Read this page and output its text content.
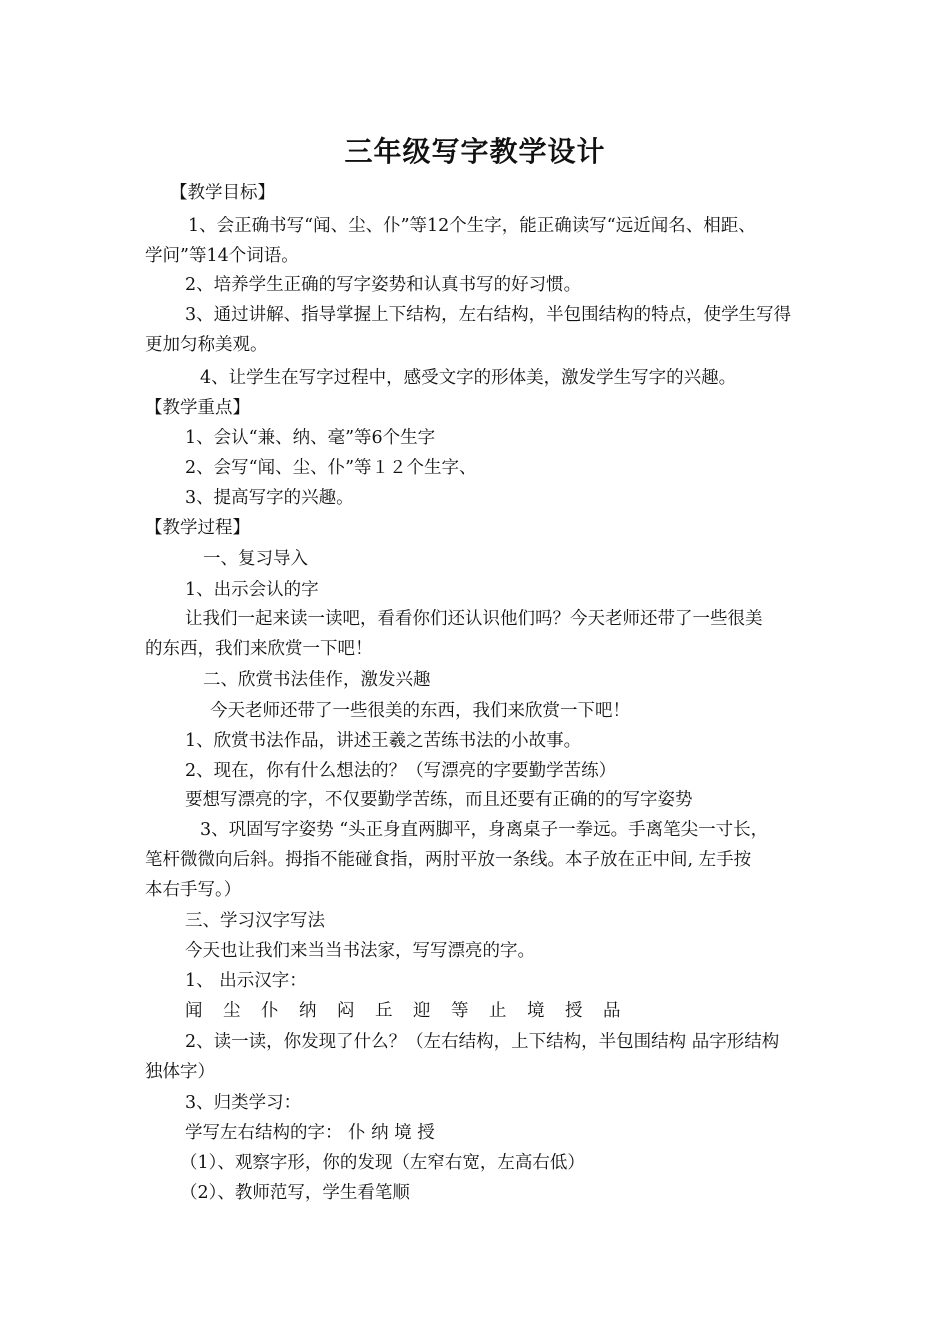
三年级写字教学设计
【教学目标】
1、会正确书写“闻、尘、仆”等12个生字，能正确读写“远近闻名、相距、
学问”等14个词语。
2、培养学生正确的写字姿势和认真书写的好习惯。
3、通过讲解、指导掌握上下结构，左右结构，半包围结构的特点，使学生写得
更加匀称美观。
4、让学生在写字过程中，感受文字的形体美，激发学生写字的兴趣。
【教学重点】
1、会认“兼、纳、毫”等6个生字
2、会写“闻、尘、仆”等１２个生字、
3、提高写字的兴趣。
【教学过程】
一、复习导入
1、出示会认的字
让我们一起来读一读吧，看看你们还认识他们吗？今天老师还带了一些很美
的东西，我们来欣赏一下吧！
二、欣赏书法佳作，激发兴趣
今天老师还带了一些很美的东西，我们来欣赏一下吧！
1、欣赏书法作品，讲述王羲之苦练书法的小故事。
2、现在，你有什么想法的？（写漂亮的字要勤学苦练）
要想写漂亮的字，不仅要勤学苦练，而且还要有正确的的写字姿势
3、巩固写字姿势 “头正身直两脚平，身离桌子一拳远。手离笔尖一寸长，
笔杆微微向后斜。拇指不能碰食指，两肘平放一条线。本子放在正中间, 左手按
本右手写。）
三、学习汉字写法
今天也让我们来当当书法家，写写漂亮的字。
1、 出示汉字：
闻 尘 仆 纳 闷 丘 迎 等 止 境 授 品
2、读一读，你发现了什么？（左右结构，上下结构，半包围结构 品字形结构
独体字）
3、归类学习：
学写左右结构的字： 仆 纳 境 授
（1）、观察字形，你的发现（左窄右宽，左高右低）
（2）、教师范写，学生看笔顺
